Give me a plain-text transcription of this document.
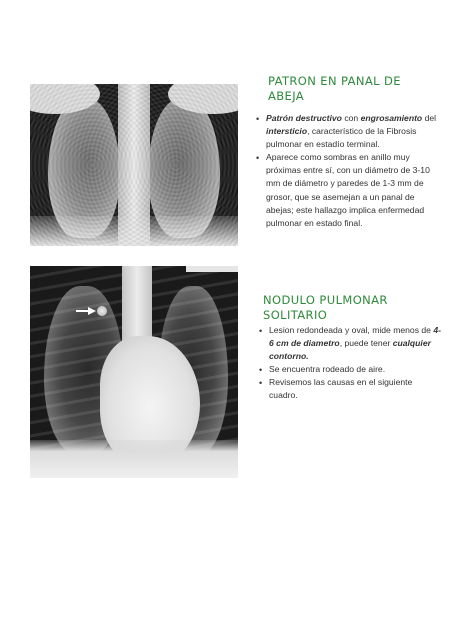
PATRON EN PANAL DE ABEJA
• Patrón destructivo con engrosamiento del intersticio, característico de la Fibrosis pulmonar en estadío terminal.
• Aparece como sombras en anillo muy próximas entre sí, con un diámetro de 3-10 mm de diámetro y paredes de 1-3 mm de grosor, que se asemejan a un panal de abejas; este hallazgo implica enfermedad pulmonar en estado final.
NODULO PULMONAR SOLITARIO
• Lesion redondeada y oval, mide menos de 4-6 cm de diametro, puede tener cualquier contorno.
• Se encuentra rodeado de aire.
• Revisemos las causas en el siguiente cuadro.
